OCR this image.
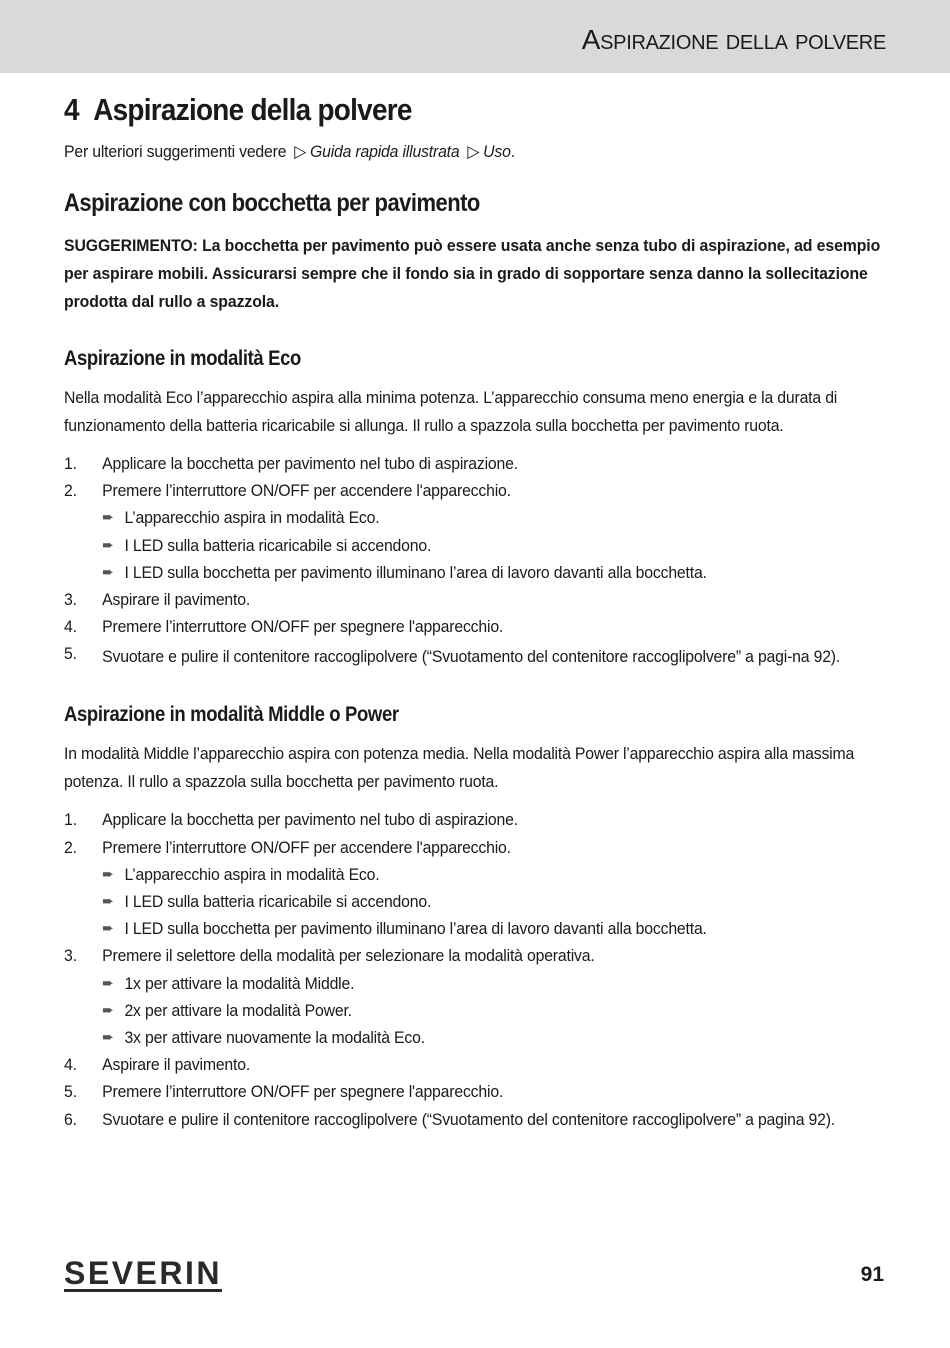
Aspirazione della polvere
4 Aspirazione della polvere

Per ulteriori suggerimenti vedere ▷ Guida rapida illustrata ▷ Uso.

Aspirazione con bocchetta per pavimento

SUGGERIMENTO: La bocchetta per pavimento può essere usata anche senza tubo di aspirazione, ad esempio per aspirare mobili. Assicurarsi sempre che il fondo sia in grado di sopportare senza danno la sollecitazione prodotta dal rullo a spazzola.

Aspirazione in modalità Eco

Nella modalità Eco l’apparecchio aspira alla minima potenza. L’apparecchio consuma meno energia e la durata di funzionamento della batteria ricaricabile si allunga. Il rullo a spazzola sulla bocchetta per pavimento ruota.

1.	Applicare la bocchetta per pavimento nel tubo di aspirazione.
2.	Premere l’interruttore ON/OFF per accendere l'apparecchio.
➨ L’apparecchio aspira in modalità Eco.
➨ I LED sulla batteria ricaricabile si accendono.
➨ I LED sulla bocchetta per pavimento illuminano l’area di lavoro davanti alla bocchetta.
3.	Aspirare il pavimento.
4.	Premere l’interruttore ON/OFF per spegnere l'apparecchio.
5.	Svuotare e pulire il contenitore raccoglipolvere (“Svuotamento del contenitore raccoglipolvere” a pagi-na 92).
Aspirazione in modalità Middle o Power

In modalità Middle l’apparecchio aspira con potenza media. Nella modalità Power l’apparecchio aspira alla massima potenza. Il rullo a spazzola sulla bocchetta per pavimento ruota.

1.	Applicare la bocchetta per pavimento nel tubo di aspirazione.
2.	Premere l’interruttore ON/OFF per accendere l'apparecchio.
➨ L’apparecchio aspira in modalità Eco.
➨ I LED sulla batteria ricaricabile si accendono.
➨ I LED sulla bocchetta per pavimento illuminano l’area di lavoro davanti alla bocchetta.
3.	Premere il selettore della modalità per selezionare la modalità operativa.
➨ 1x per attivare la modalità Middle.
➨ 2x per attivare la modalità Power.
➨ 3x per attivare nuovamente la modalità Eco.
4.	Aspirare il pavimento.
5.	Premere l’interruttore ON/OFF per spegnere l'apparecchio.
6.	Svuotare e pulire il contenitore raccoglipolvere (“Svuotamento del contenitore raccoglipolvere” a pagina 92).
SEVERIN	91
